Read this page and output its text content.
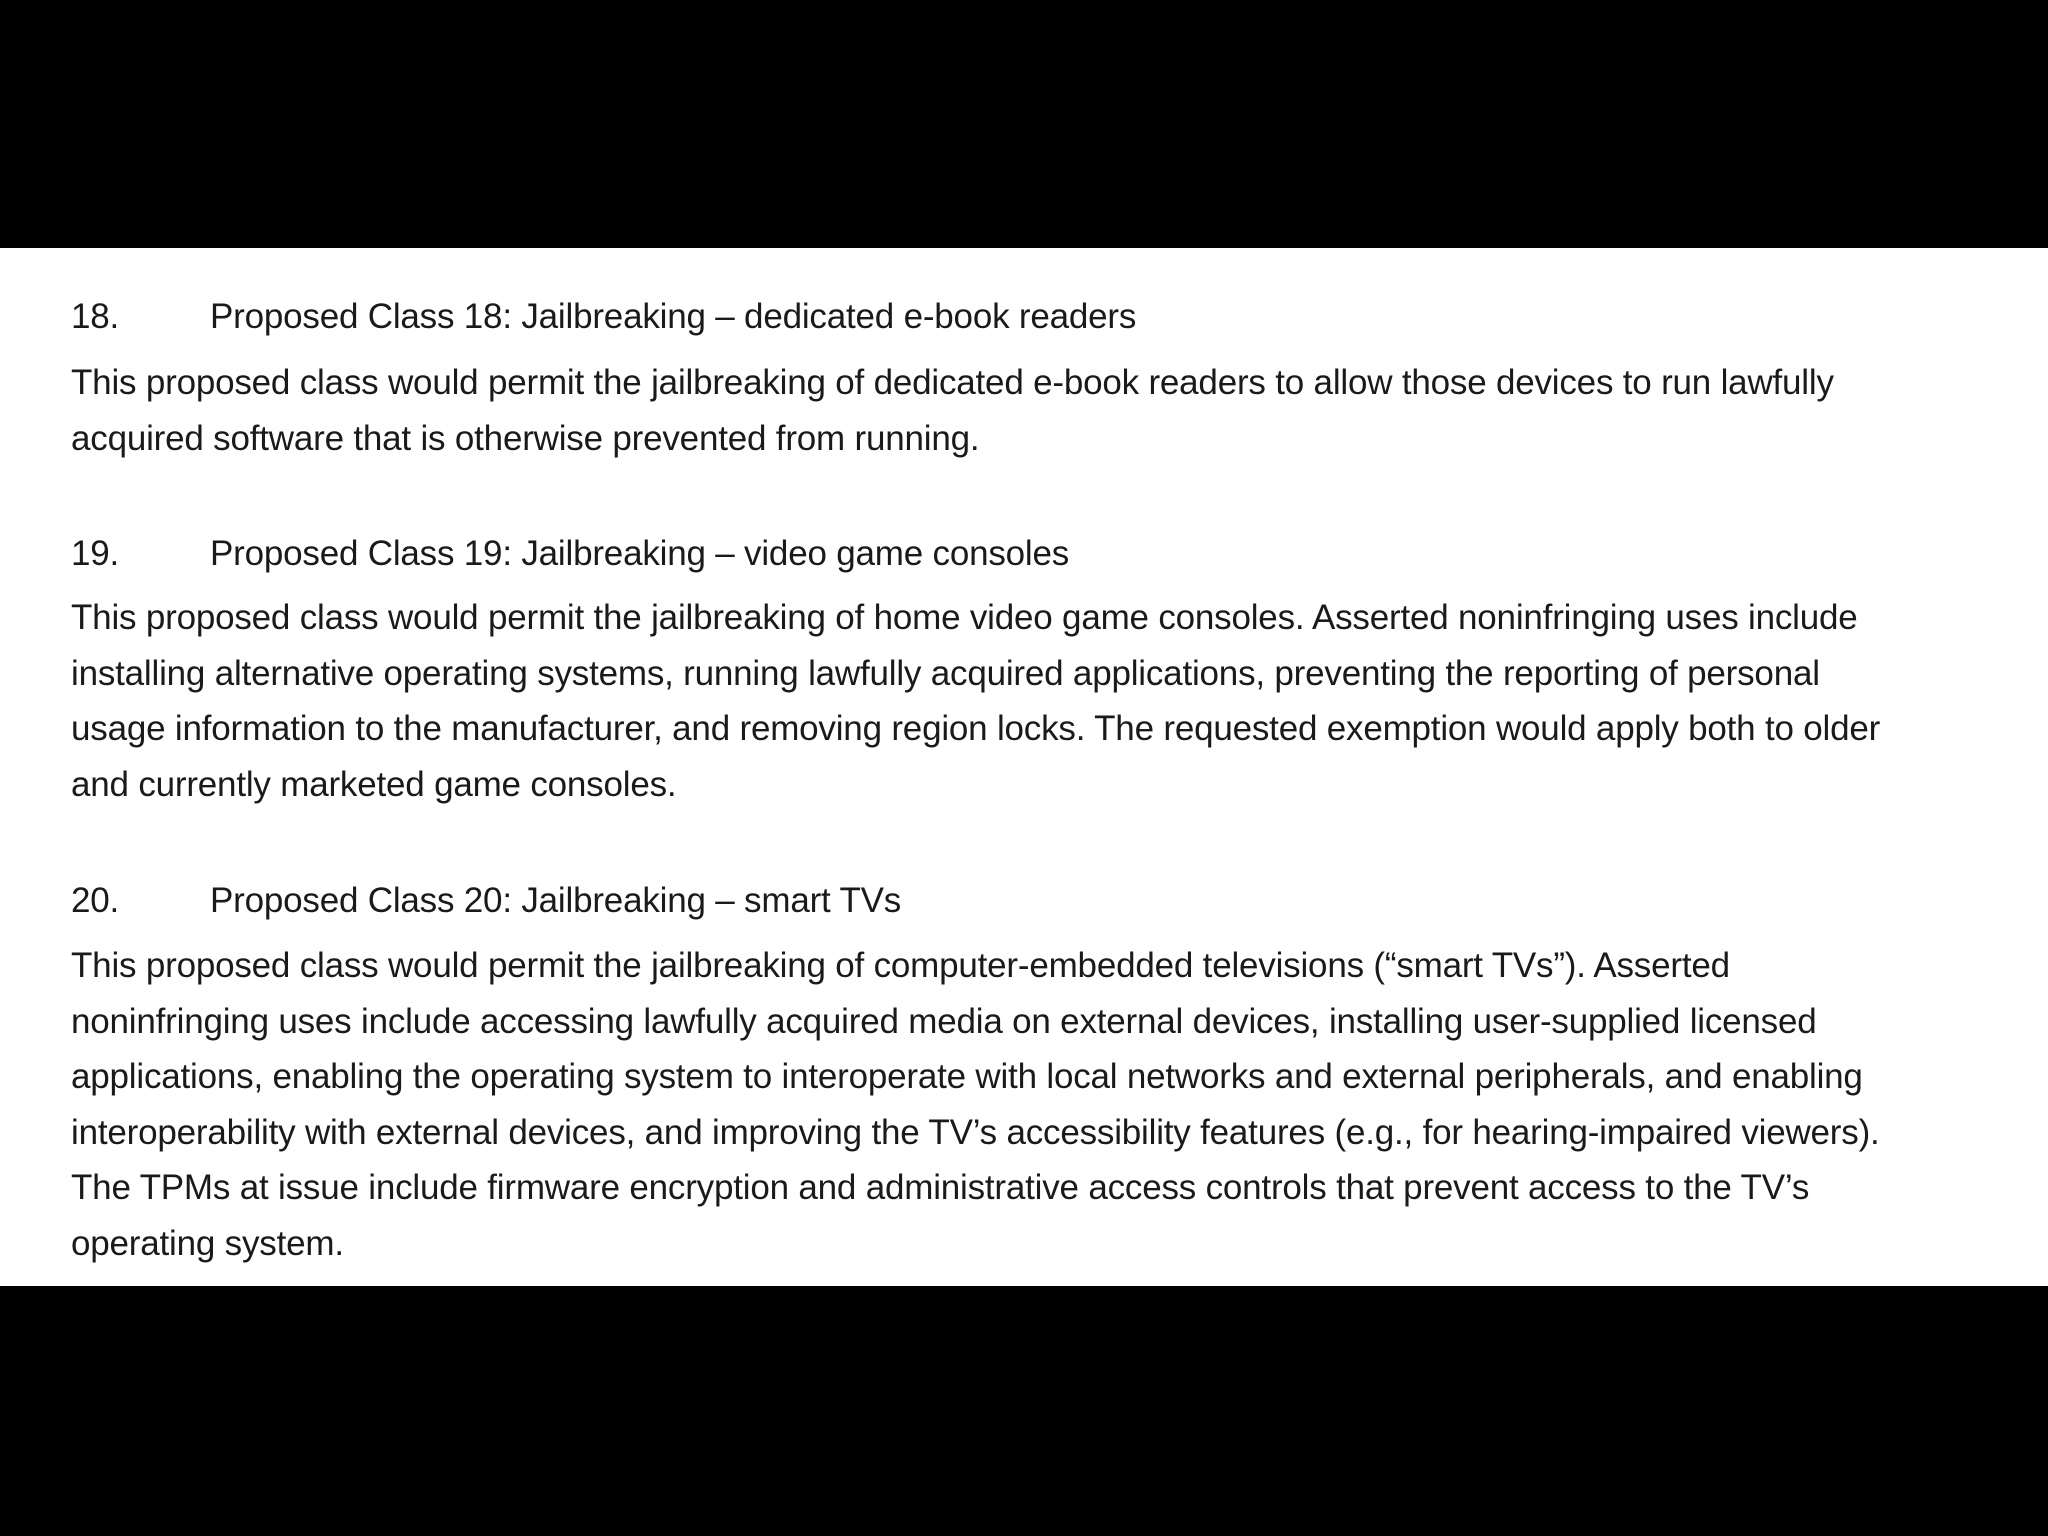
18.	Proposed Class 18: Jailbreaking – dedicated e-book readers
This proposed class would permit the jailbreaking of dedicated e-book readers to allow those devices to run lawfully
acquired software that is otherwise prevented from running.
19.	Proposed Class 19: Jailbreaking – video game consoles
This proposed class would permit the jailbreaking of home video game consoles. Asserted noninfringing uses include
installing alternative operating systems, running lawfully acquired applications, preventing the reporting of personal
usage information to the manufacturer, and removing region locks. The requested exemption would apply both to older
and currently marketed game consoles.
20.	Proposed Class 20: Jailbreaking – smart TVs
This proposed class would permit the jailbreaking of computer-embedded televisions (“smart TVs”). Asserted
noninfringing uses include accessing lawfully acquired media on external devices, installing user-supplied licensed
applications, enabling the operating system to interoperate with local networks and external peripherals, and enabling
interoperability with external devices, and improving the TV’s accessibility features (e.g., for hearing-impaired viewers).
The TPMs at issue include firmware encryption and administrative access controls that prevent access to the TV’s
operating system.
